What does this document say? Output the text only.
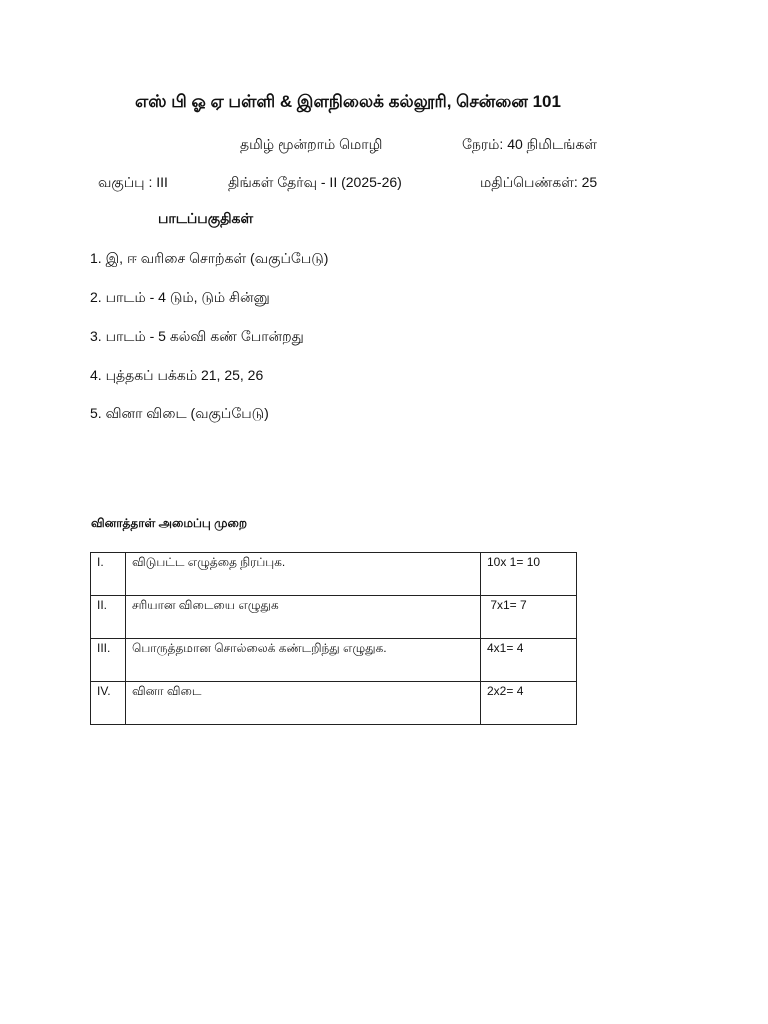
எஸ் பி ஓ ஏ பள்ளி & இளநிலைக் கல்லூரி, சென்னை 101
தமிழ் மூன்றாம் மொழி	நேரம்: 40 நிமிடங்கள்
வகுப்பு : III	திங்கள் தேர்வு - II (2025-26)	மதிப்பெண்கள்: 25
பாடப்பகுதிகள்
1. இ, ஈ வரிசை சொற்கள் (வகுப்பேடு)
2. பாடம் - 4 டும், டும் சின்னு
3. பாடம் - 5 கல்வி கண் போன்றது
4. புத்தகப் பக்கம் 21, 25, 26
5. வினா விடை (வகுப்பேடு)
வினாத்தாள் அமைப்பு முறை
I.	விடுபட்ட எழுத்தை நிரப்புக.	10x 1= 10
II.	சரியான விடையை எழுதுக	7x1= 7
III.	பொருத்தமான சொல்லைக் கண்டறிந்து எழுதுக.	4x1= 4
IV.	வினா விடை	2x2= 4
